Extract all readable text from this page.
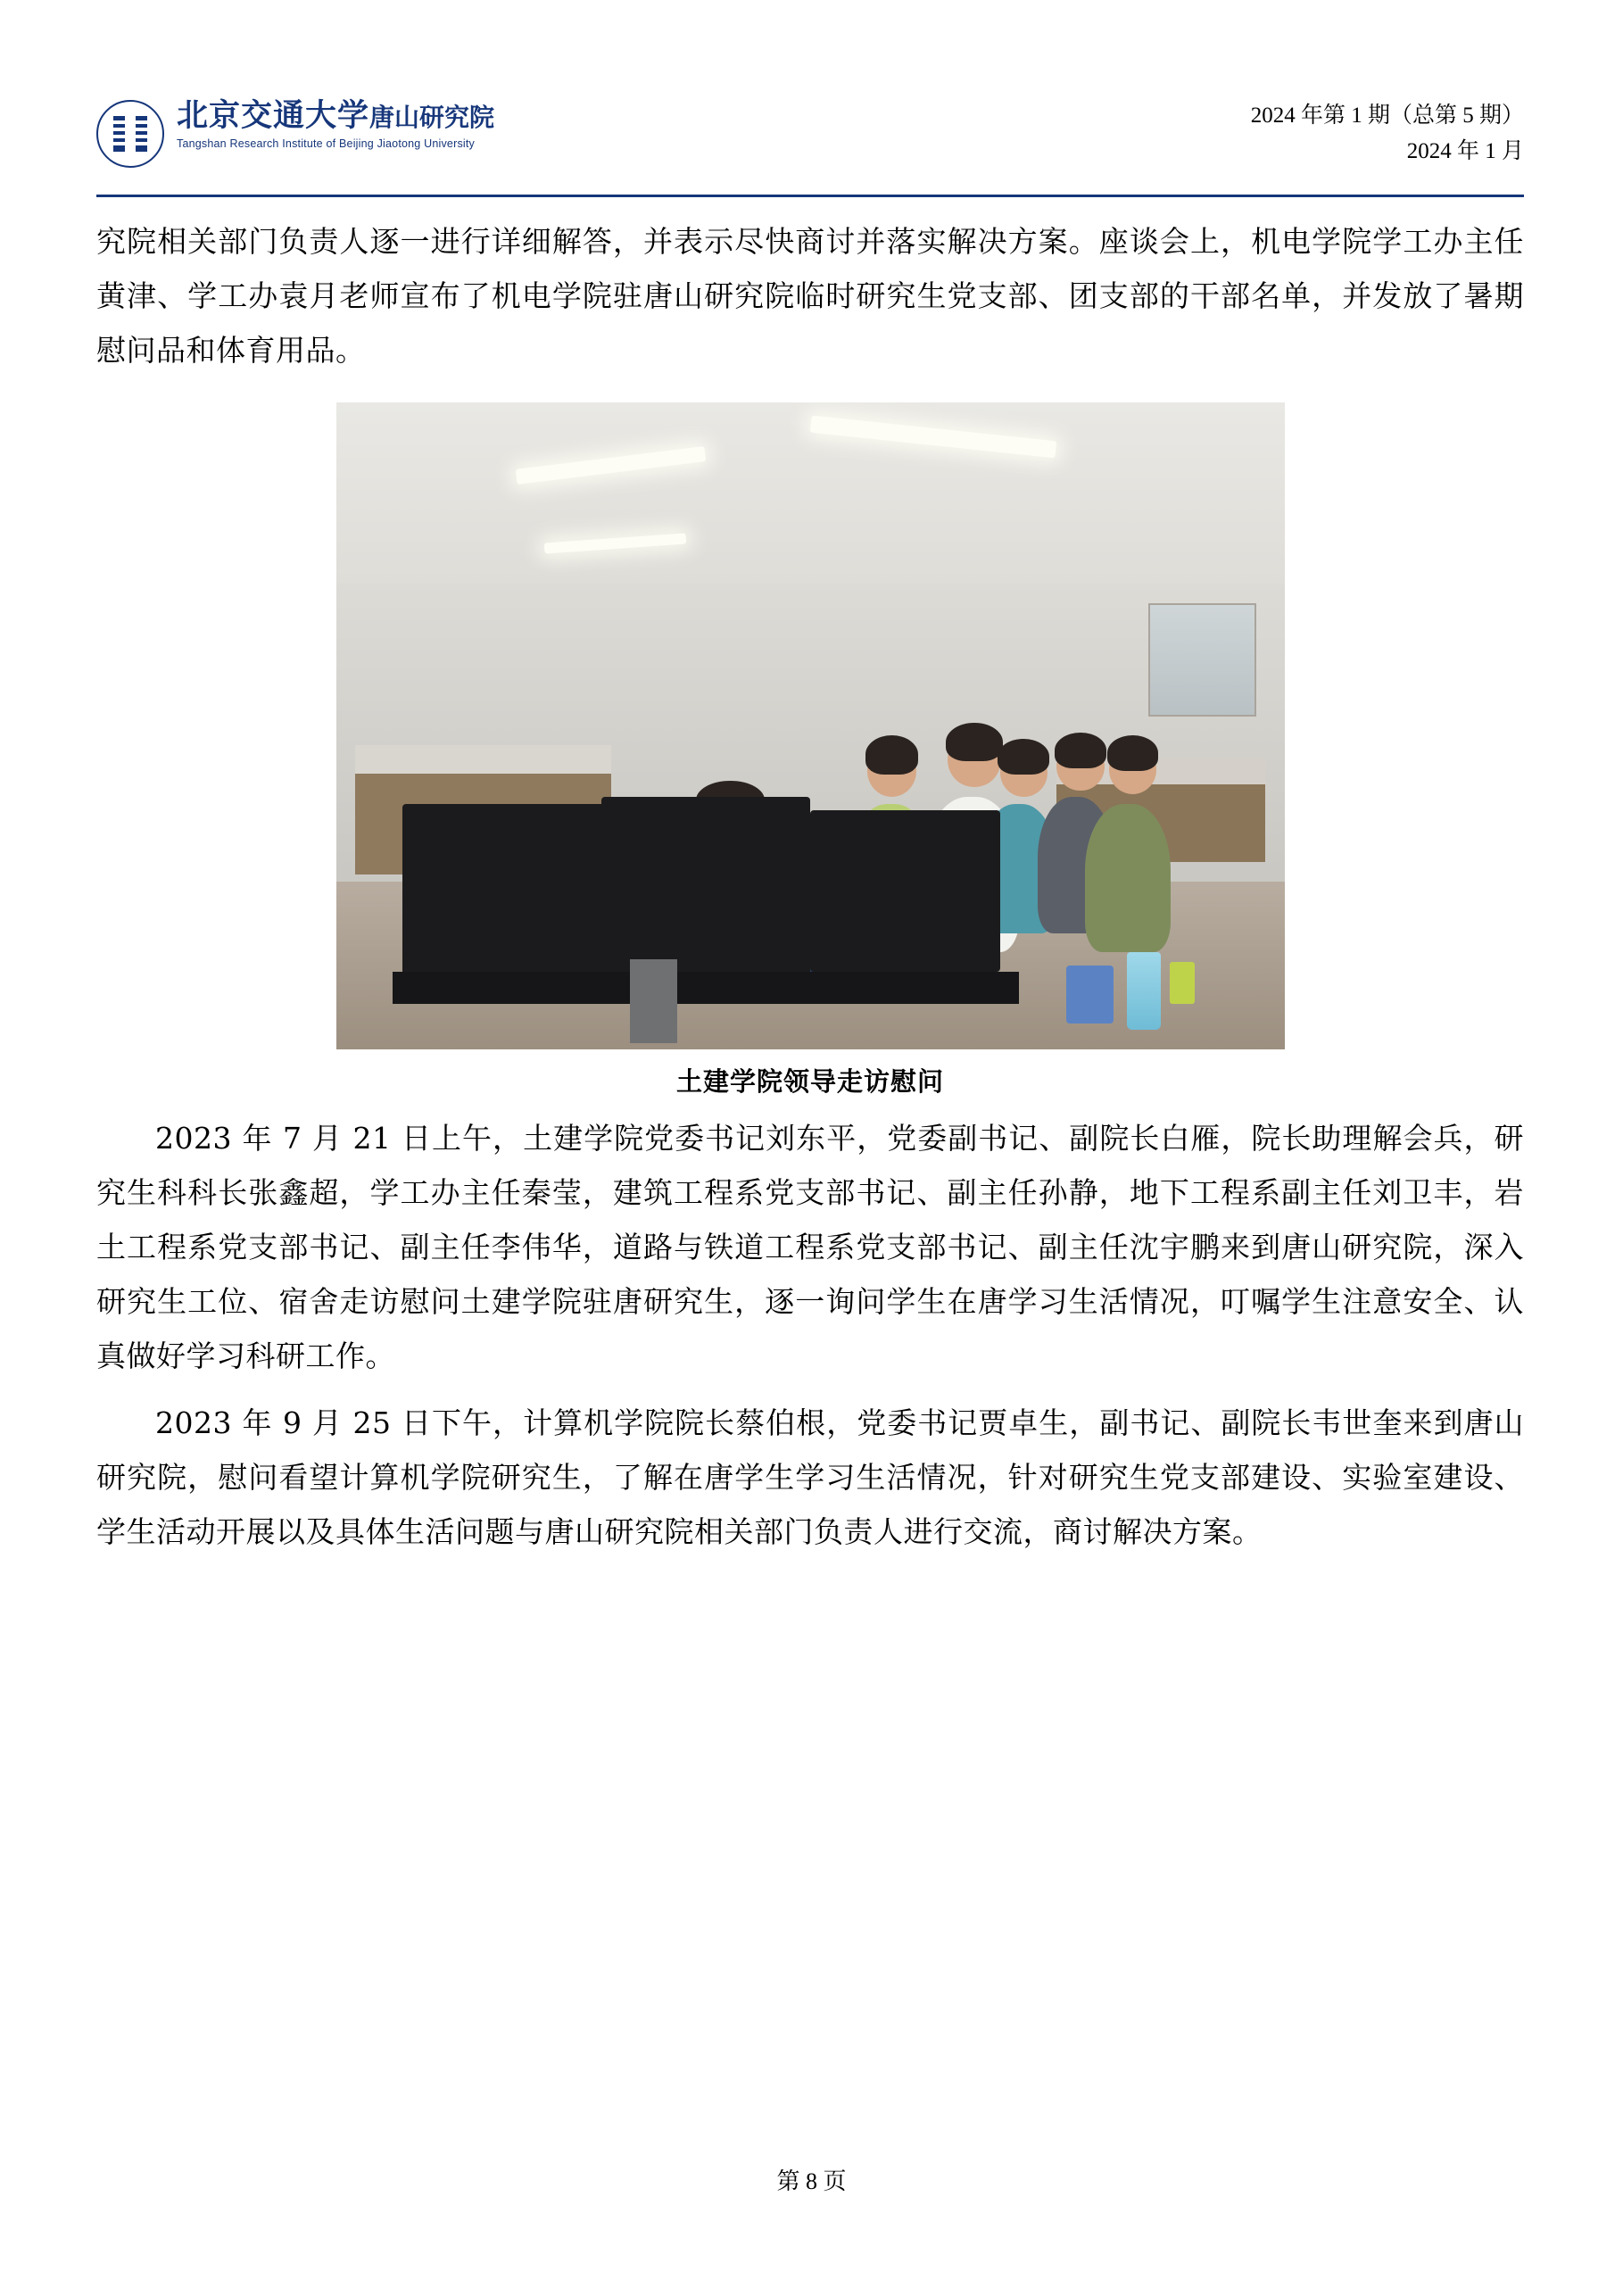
北京交通大学唐山研究院
Tangshan Research Institute of Beijing Jiaotong University
2024 年第 1 期（总第 5 期）
2024 年 1 月

究院相关部门负责人逐一进行详细解答，并表示尽快商讨并落实解决方案。座谈会上，机电学院学工办主任黄津、学工办袁月老师宣布了机电学院驻唐山研究院临时研究生党支部、团支部的干部名单，并发放了暑期慰问品和体育用品。

土建学院领导走访慰问

2023 年 7 月 21 日上午，土建学院党委书记刘东平，党委副书记、副院长白雁，院长助理解会兵，研究生科科长张鑫超，学工办主任秦莹，建筑工程系党支部书记、副主任孙静，地下工程系副主任刘卫丰，岩土工程系党支部书记、副主任李伟华，道路与铁道工程系党支部书记、副主任沈宇鹏来到唐山研究院，深入研究生工位、宿舍走访慰问土建学院驻唐研究生，逐一询问学生在唐学习生活情况，叮嘱学生注意安全、认真做好学习科研工作。

2023 年 9 月 25 日下午，计算机学院院长蔡伯根，党委书记贾卓生，副书记、副院长韦世奎来到唐山研究院，慰问看望计算机学院研究生，了解在唐学生学习生活情况，针对研究生党支部建设、实验室建设、学生活动开展以及具体生活问题与唐山研究院相关部门负责人进行交流，商讨解决方案。

第 8 页
